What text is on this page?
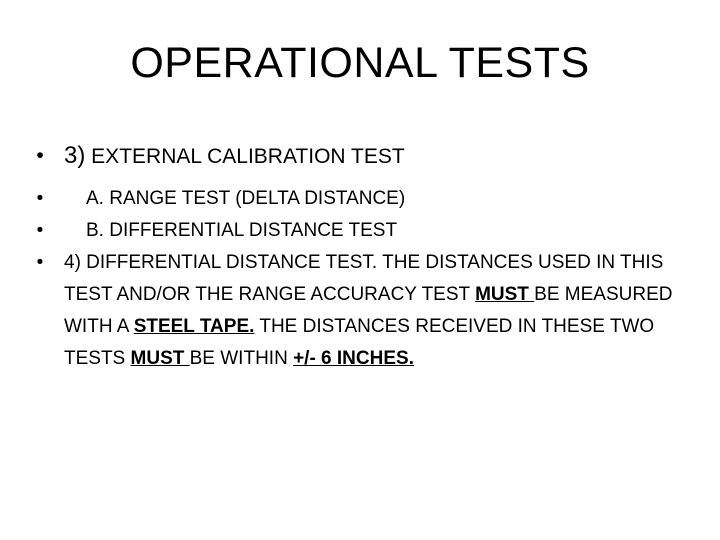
OPERATIONAL TESTS
• 3) EXTERNAL CALIBRATION TEST
•	A. RANGE TEST (DELTA DISTANCE)
•	B. DIFFERENTIAL DISTANCE TEST
•	4) DIFFERENTIAL DISTANCE TEST. THE DISTANCES USED IN THIS TEST AND/OR THE RANGE ACCURACY TEST MUST BE MEASURED WITH A STEEL TAPE. THE DISTANCES RECEIVED IN THESE TWO TESTS MUST BE WITHIN +/- 6 INCHES.
